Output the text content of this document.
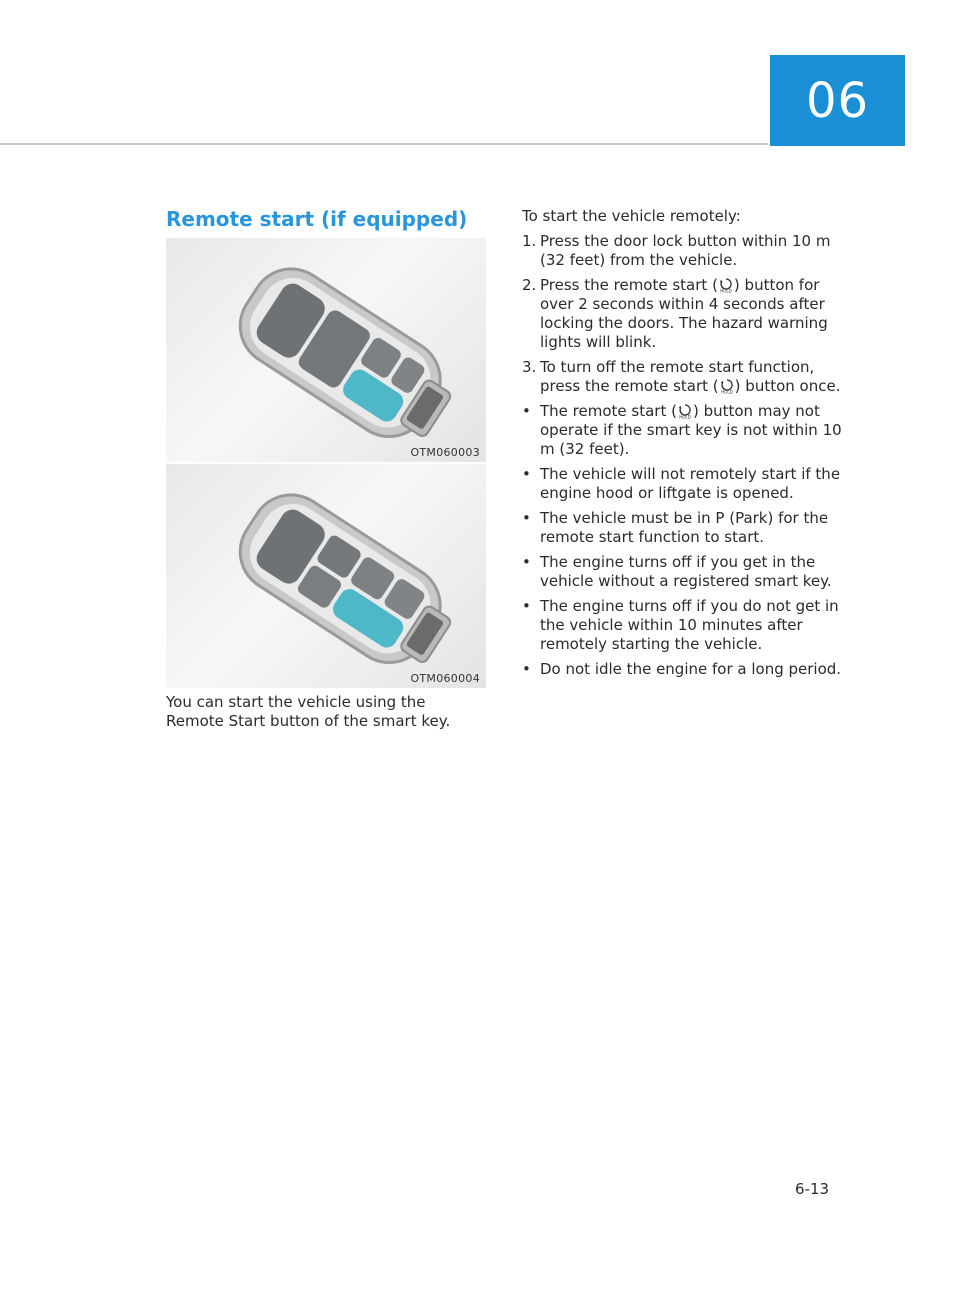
06
Remote start (if equipped)
OTM060003
OTM060004

You can start the vehicle using the Remote Start button of the smart key.

To start the vehicle remotely:

1. Press the door lock button within 10 m (32 feet) from the vehicle.
2. Press the remote start ( HOLD ) button for over 2 seconds within 4 seconds after locking the doors. The hazard warning lights will blink.
3. To turn off the remote start function, press the remote start ( HOLD ) button once.
• The remote start ( HOLD ) button may not operate if the smart key is not within 10 m (32 feet).
• The vehicle will not remotely start if the engine hood or liftgate is opened.
• The vehicle must be in P (Park) for the remote start function to start.
• The engine turns off if you get in the vehicle without a registered smart key.
• The engine turns off if you do not get in the vehicle within 10 minutes after remotely starting the vehicle.
• Do not idle the engine for a long period.
6-13
